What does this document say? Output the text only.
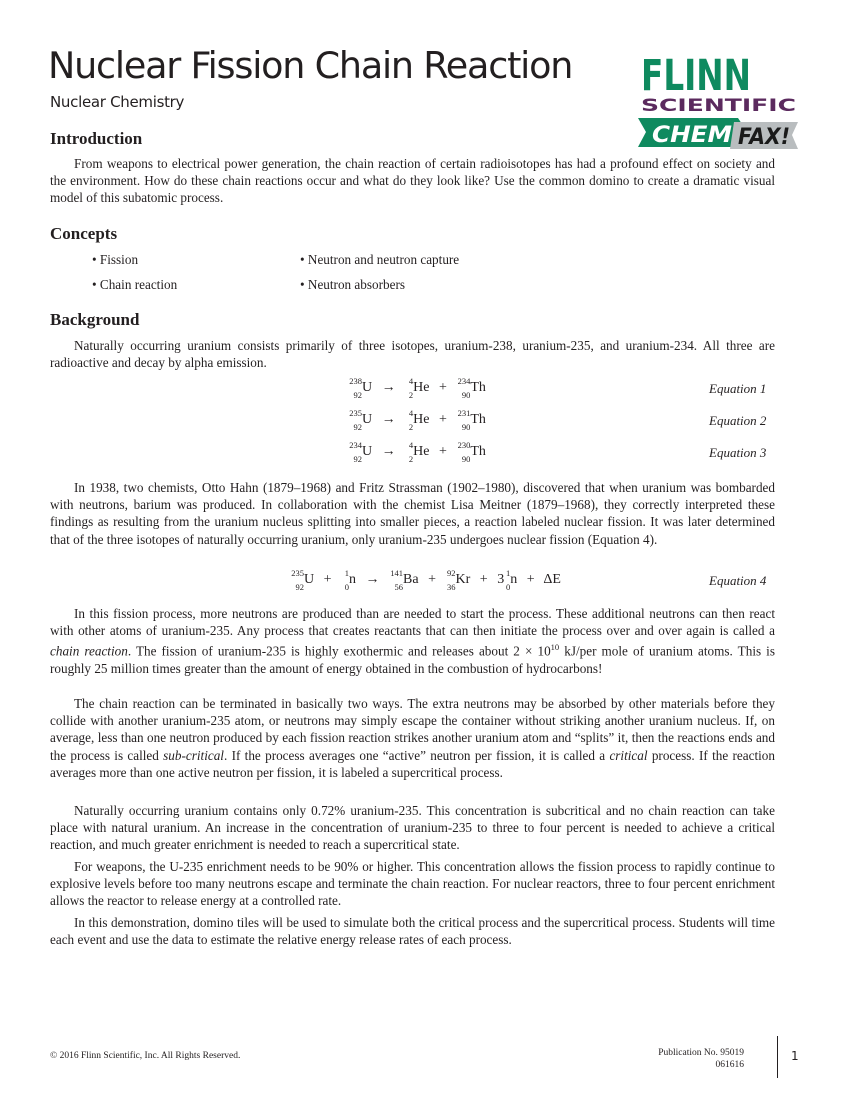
Nuclear Fission Chain Reaction
Nuclear Chemistry
FLINN
SCIENTIFIC
CHEM FAX!
Introduction
From weapons to electrical power generation, the chain reaction of certain radioisotopes has had a profound effect on society and the environment. How do these chain reactions occur and what do they look like? Use the common domino to create a dramatic visual model of this subatomic process.
Concepts
• Fission
• Chain reaction
• Neutron and neutron capture
• Neutron absorbers
Background
Naturally occurring uranium consists primarily of three isotopes, uranium-238, uranium-235, and uranium-234. All three are radioactive and decay by alpha emission.
238
92 U →	4
2 He + 234
90 Th	Equation 1
235
92 U →	4
2 He + 231
90 Th	Equation 2
234
92 U →	4
2 He + 230
90 Th	Equation 3
In 1938, two chemists, Otto Hahn (1879–1968) and Fritz Strassman (1902–1980), discovered that when uranium was bombarded with neutrons, barium was produced. In collaboration with the chemist Lisa Meitner (1879–1968), they correctly interpreted these findings as resulting from the uranium nucleus splitting into smaller pieces, a reaction labeled nuclear fission. It was later determined that of the three isotopes of naturally occurring uranium, only uranium-235 undergoes nuclear fission (Equation 4).
235
92 U +	1
0 n → 141
56 Ba + 92
36 Kr + 3 1
0 n + ΔE	Equation 4
In this fission process, more neutrons are produced than are needed to start the process. These additional neutrons can then react with other atoms of uranium-235. Any process that creates reactants that can then initiate the process over and over again is called a chain reaction. The fission of uranium-235 is highly exothermic and releases about $2 \times 10^{10}$ kJ/per mole of uranium atoms. This is roughly 25 million times greater than the amount of energy obtained in the combustion of hydrocarbons!
The chain reaction can be terminated in basically two ways. The extra neutrons may be absorbed by other materials before they collide with another uranium-235 atom, or neutrons may simply escape the container without striking another uranium nucleus. If, on average, less than one neutron produced by each fission reaction strikes another uranium atom and “splits” it, then the reactions ends and the process is called sub-critical. If the process averages one “active” neutron per fission, it is called a critical process. If the reaction averages more than one active neutron per fission, it is labeled a supercritical process.
Naturally occurring uranium contains only 0.72% uranium-235. This concentration is subcritical and no chain reaction can take place with natural uranium. An increase in the concentration of uranium-235 to three to four percent is needed to achieve a critical reaction, and much greater enrichment is needed to reach a supercritical state.
For weapons, the U-235 enrichment needs to be 90% or higher. This concentration allows the fission process to rapidly continue to explosive levels before too many neutrons escape and terminate the chain reaction. For nuclear reactors, three to four percent enrichment allows the reactor to release energy at a controlled rate.
In this demonstration, domino tiles will be used to simulate both the critical process and the supercritical process. Students will time each event and use the data to estimate the relative energy release rates of each process.
© 2016 Flinn Scientific, Inc. All Rights Reserved.	Publication No. 95019
061616
1
